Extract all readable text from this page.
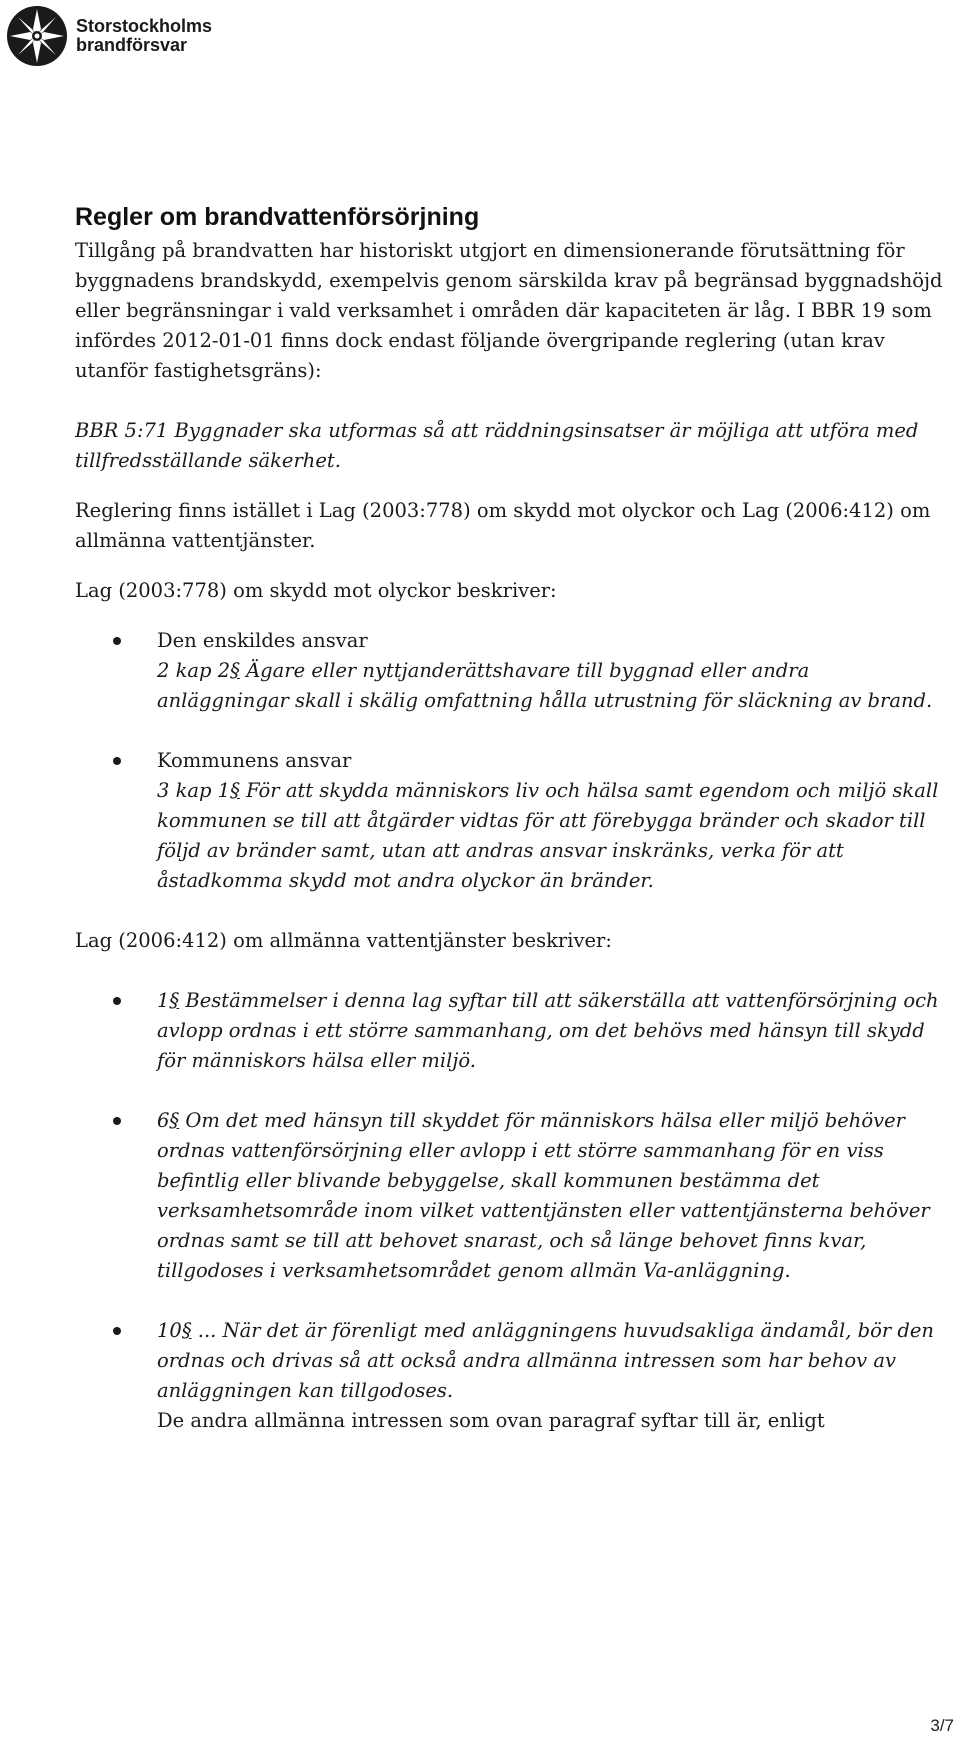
Storstockholms
brandförsvar
Regler om brandvattenförsörjning

Tillgång på brandvatten har historiskt utgjort en dimensionerande förutsättning för byggnadens brandskydd, exempelvis genom särskilda krav på begränsad byggnadshöjd eller begränsningar i vald verksamhet i områden där kapaciteten är låg. I BBR 19 som infördes 2012-01-01 finns dock endast följande övergripande reglering (utan krav utanför fastighetsgräns):

BBR 5:71 Byggnader ska utformas så att räddningsinsatser är möjliga att utföra med tillfredsställande säkerhet.

Reglering finns istället i Lag (2003:778) om skydd mot olyckor och Lag (2006:412) om allmänna vattentjänster.

Lag (2003:778) om skydd mot olyckor beskriver:

Den enskildes ansvar

2 kap 2§ Ägare eller nyttjanderättshavare till byggnad eller andra anläggningar skall i skälig omfattning hålla utrustning för släckning av brand.

Kommunens ansvar

3 kap 1§ För att skydda människors liv och hälsa samt egendom och miljö skall kommunen se till att åtgärder vidtas för att förebygga bränder och skador till följd av bränder samt, utan att andras ansvar inskränks, verka för att åstadkomma skydd mot andra olyckor än bränder.

Lag (2006:412) om allmänna vattentjänster beskriver:

1§ Bestämmelser i denna lag syftar till att säkerställa att vattenförsörjning och avlopp ordnas i ett större sammanhang, om det behövs med hänsyn till skydd för människors hälsa eller miljö.

6§ Om det med hänsyn till skyddet för människors hälsa eller miljö behöver ordnas vattenförsörjning eller avlopp i ett större sammanhang för en viss befintlig eller blivande bebyggelse, skall kommunen bestämma det verksamhetsområde inom vilket vattentjänsten eller vattentjänsterna behöver ordnas samt se till att behovet snarast, och så länge behovet finns kvar, tillgodoses i verksamhetsområdet genom allmän Va-anläggning.

10§ ... När det är förenligt med anläggningens huvudsakliga ändamål, bör den ordnas och drivas så att också andra allmänna intressen som har behov av anläggningen kan tillgodoses.

De andra allmänna intressen som ovan paragraf syftar till är, enligt

3/7
